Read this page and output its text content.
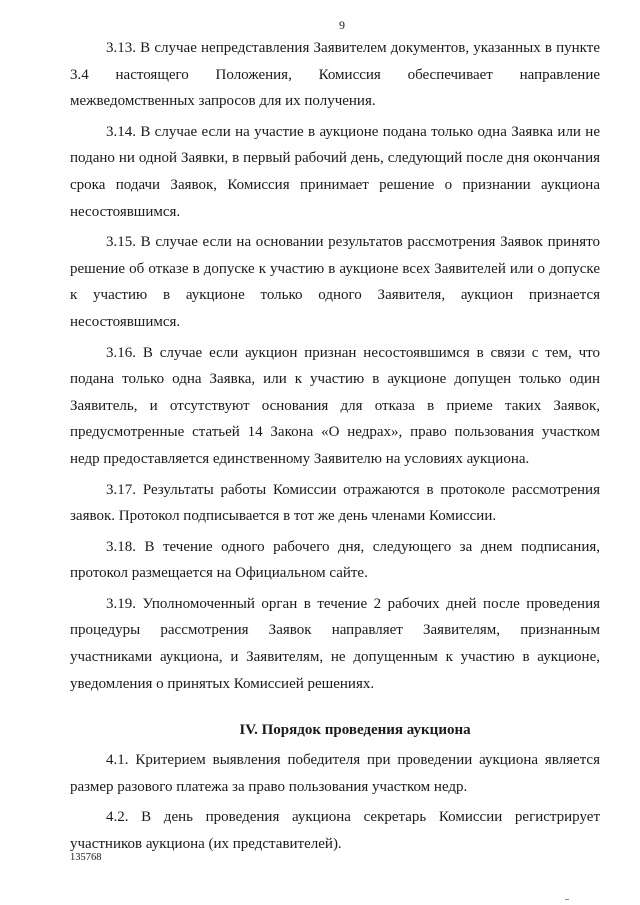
9

3.13. В случае непредставления Заявителем документов, указанных в пункте 3.4 настоящего Положения, Комиссия обеспечивает направление межведомственных запросов для их получения.

3.14. В случае если на участие в аукционе подана только одна Заявка или не подано ни одной Заявки, в первый рабочий день, следующий после дня окончания срока подачи Заявок, Комиссия принимает решение о признании аукциона несостоявшимся.

3.15. В случае если на основании результатов рассмотрения Заявок принято решение об отказе в допуске к участию в аукционе всех Заявителей или о допуске к участию в аукционе только одного Заявителя, аукцион признается несостоявшимся.

3.16. В случае если аукцион признан несостоявшимся в связи с тем, что подана только одна Заявка, или к участию в аукционе допущен только один Заявитель, и отсутствуют основания для отказа в приеме таких Заявок, предусмотренные статьей 14 Закона «О недрах», право пользования участком недр предоставляется единственному Заявителю на условиях аукциона.

3.17. Результаты работы Комиссии отражаются в протоколе рассмотрения заявок. Протокол подписывается в тот же день членами Комиссии.

3.18. В течение одного рабочего дня, следующего за днем подписания, протокол размещается на Официальном сайте.

3.19. Уполномоченный орган в течение 2 рабочих дней после проведения процедуры рассмотрения Заявок направляет Заявителям, признанным участниками аукциона, и Заявителям, не допущенным к участию в аукционе, уведомления о принятых Комиссией решениях.

IV. Порядок проведения аукциона

4.1. Критерием выявления победителя при проведении аукциона является размер разового платежа за право пользования участком недр.

4.2. В день проведения аукциона секретарь Комиссии регистрирует участников аукциона (их представителей).

135768
